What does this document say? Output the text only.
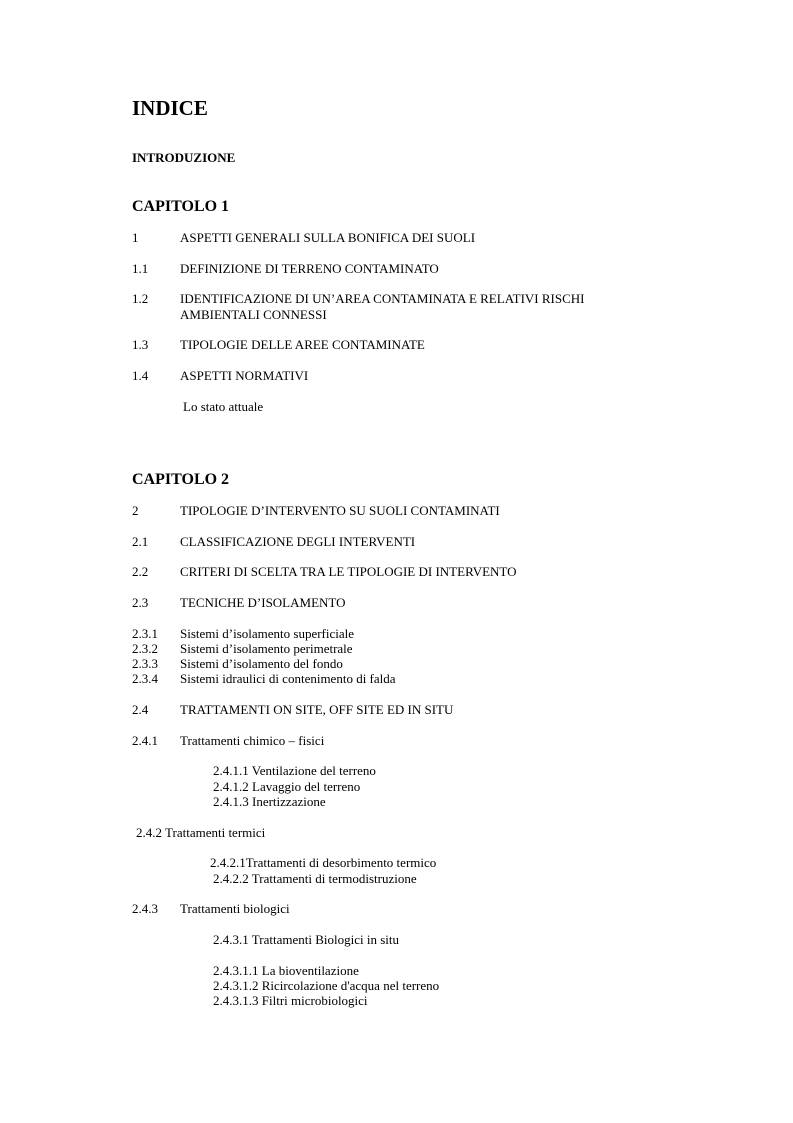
INDICE
INTRODUZIONE
CAPITOLO 1
1	ASPETTI GENERALI SULLA BONIFICA DEI SUOLI
1.1 DEFINIZIONE DI TERRENO CONTAMINATO
1.2 IDENTIFICAZIONE DI UN’AREA CONTAMINATA E RELATIVI RISCHI
AMBIENTALI CONNESSI
1.3 TIPOLOGIE DELLE AREE CONTAMINATE
1.4 ASPETTI NORMATIVI
Lo stato attuale
CAPITOLO 2
2	TIPOLOGIE D’INTERVENTO SU SUOLI CONTAMINATI
2.1 CLASSIFICAZIONE DEGLI INTERVENTI
2.2 CRITERI DI SCELTA TRA LE TIPOLOGIE DI INTERVENTO
2.3 TECNICHE D’ISOLAMENTO
2.3.1 Sistemi d’isolamento superficiale
2.3.2 Sistemi d’isolamento perimetrale
2.3.3 Sistemi d’isolamento del fondo
2.3.4 Sistemi idraulici di contenimento di falda
2.4 TRATTAMENTI ON SITE, OFF SITE ED IN SITU
2.4.1 Trattamenti chimico – fisici
2.4.1.1 Ventilazione del terreno
2.4.1.2 Lavaggio del terreno
2.4.1.3 Inertizzazione
2.4.2 Trattamenti termici
2.4.2.1Trattamenti di desorbimento termico
2.4.2.2 Trattamenti di termodistruzione
2.4.3 Trattamenti biologici
2.4.3.1 Trattamenti Biologici in situ
2.4.3.1.1 La bioventilazione
2.4.3.1.2 Ricircolazione d'acqua nel terreno
2.4.3.1.3 Filtri microbiologici
